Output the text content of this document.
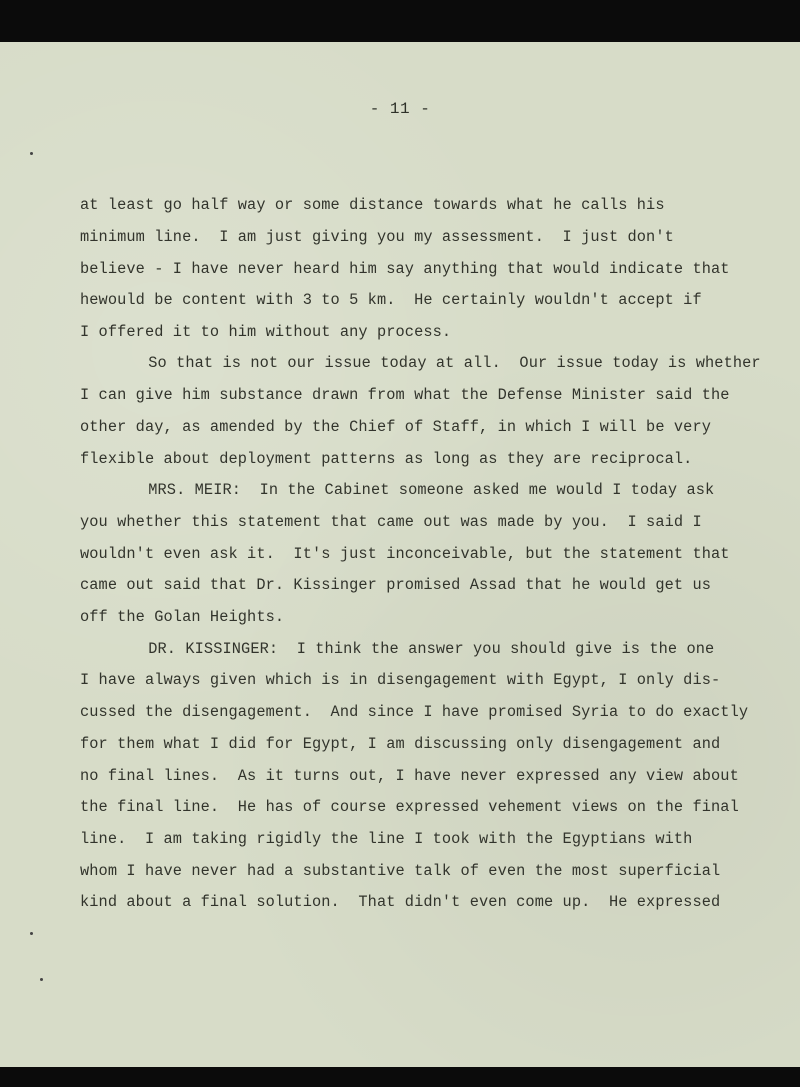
- 11 -
at least go half way or some distance towards what he calls his
minimum line.  I am just giving you my assessment.  I just don't
believe - I have never heard him say anything that would indicate that
hewould be content with 3 to 5 km.  He certainly wouldn't accept if
I offered it to him without any process.
So that is not our issue today at all.  Our issue today is whether
I can give him substance drawn from what the Defense Minister said the
other day, as amended by the Chief of Staff, in which I will be very
flexible about deployment patterns as long as they are reciprocal.
MRS. MEIR:  In the Cabinet someone asked me would I today ask
you whether this statement that came out was made by you.  I said I
wouldn't even ask it.  It's just inconceivable, but the statement that
came out said that Dr. Kissinger promised Assad that he would get us
off the Golan Heights.
DR. KISSINGER:  I think the answer you should give is the one
I have always given which is in disengagement with Egypt, I only dis-
cussed the disengagement.  And since I have promised Syria to do exactly
for them what I did for Egypt, I am discussing only disengagement and
no final lines.  As it turns out, I have never expressed any view about
the final line.  He has of course expressed vehement views on the final
line.  I am taking rigidly the line I took with the Egyptians with
whom I have never had a substantive talk of even the most superficial
kind about a final solution.  That didn't even come up.  He expressed
